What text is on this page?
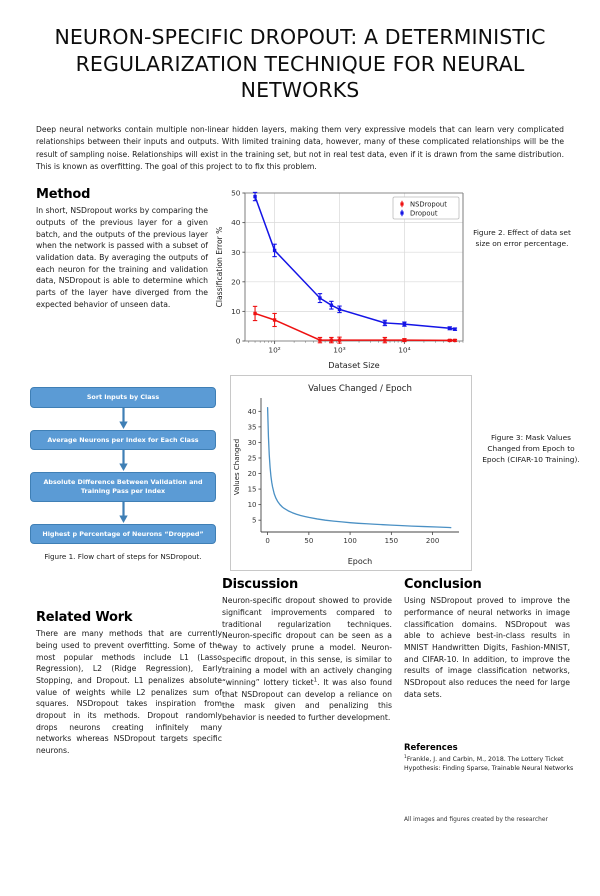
NEURON-SPECIFIC DROPOUT: A DETERMINISTIC REGULARIZATION TECHNIQUE FOR NEURAL NETWORKS
Deep neural networks contain multiple non-linear hidden layers, making them very expressive models that can learn very complicated relationships between their inputs and outputs. With limited training data, however, many of these complicated relationships will be the result of sampling noise. Relationships will exist in the training set, but not in real test data, even if it is drawn from the same distribution. This is known as overfitting. The goal of this project to to fix this problem.
Method

In short, NSDropout works by comparing the outputs of the previous layer for a given batch, and the outputs of the previous layer when the network is passed with a subset of validation data. By averaging the outputs of each neuron for the training and validation data, NSDropout is able to determine which parts of the layer have diverged from the expected behavior of unseen data.

Sort Inputs by Class
Average Neurons per Index for Each Class
Absolute Difference Between Validation and Training Pass per Index
Highest p Percentage of Neurons “Dropped”
Figure 1. Flow chart of steps for NSDropout.
Related Work

There are many methods that are currently being used to prevent overfitting. Some of the most popular methods include L1 (Lasso Regression), L2 (Ridge Regression), Early Stopping, and Dropout. L1 penalizes absolute value of weights while L2 penalizes sum of squares. NSDropout takes inspiration from dropout in its methods. Dropout randomly drops neurons creating infinitely many networks whereas NSDropout targets specific neurons.

0
10
20
30
40
50
10²	10³	10⁴
Dataset Size
Classification Error %
NSDropout
Dropout
Figure 2. Effect of data set size on error percentage.
Values Changed / Epoch
5
10
15
20
25
30
35
40
0	50	100	150	200
Epoch
Values Changed
Figure 3: Mask Values Changed from Epoch to Epoch (CIFAR-10 Training).
Discussion

Neuron-specific dropout showed to provide significant improvements compared to traditional regularization techniques. Neuron-specific dropout can be seen as a way to actively prune a model. Neuron-specific dropout, in this sense, is similar to training a model with an actively changing “winning” lottery ticket$^1$. It was also found that NSDropout can develop a reliance on the mask given and penalizing this behavior is needed to further development.

Conclusion

Using NSDropout proved to improve the performance of neural networks in image classification domains. NSDropout was able to achieve best-in-class results in MNIST Handwritten Digits, Fashion-MNIST, and CIFAR-10. In addition, to improve the results of image classification networks, NSDropout also reduces the need for large data sets.

References

$^1$Frankle, J. and Carbin, M., 2018. The Lottery Ticket Hypothesis: Finding Sparse, Trainable Neural Networks

All images and figures created by the researcher
